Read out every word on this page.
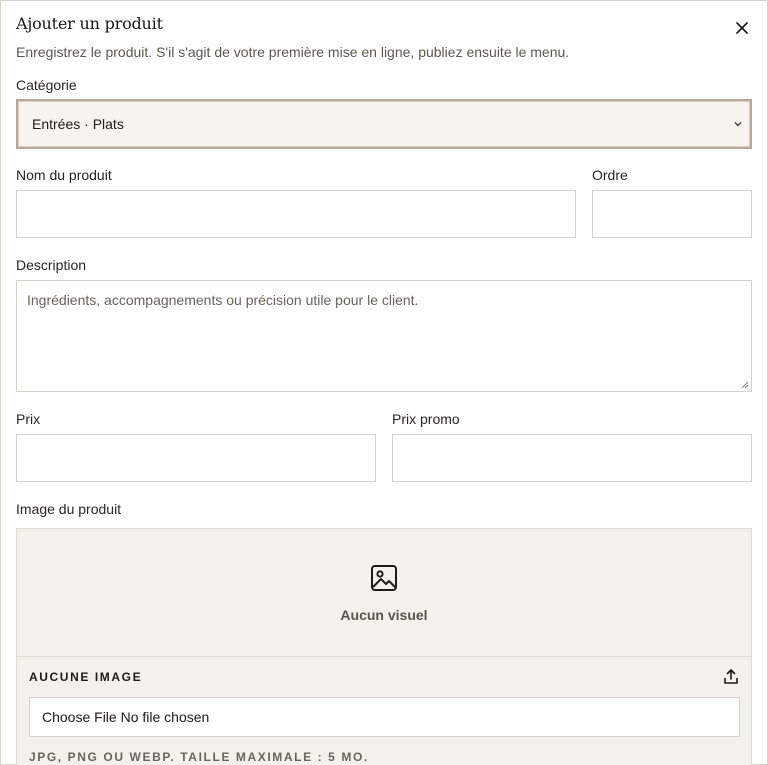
Ajouter un produit
Enregistrez le produit. S'il s'agit de votre première mise en ligne, publiez ensuite le menu.
Catégorie
Entrées · Plats
Nom du produit	Ordre
Description
Ingrédients, accompagnements ou précision utile pour le client.
Prix	Prix promo
Image du produit
Aucun visuel
AUCUNE IMAGE
Choose File No file chosen
JPG, PNG OU WEBP. TAILLE MAXIMALE : 5 MO.
